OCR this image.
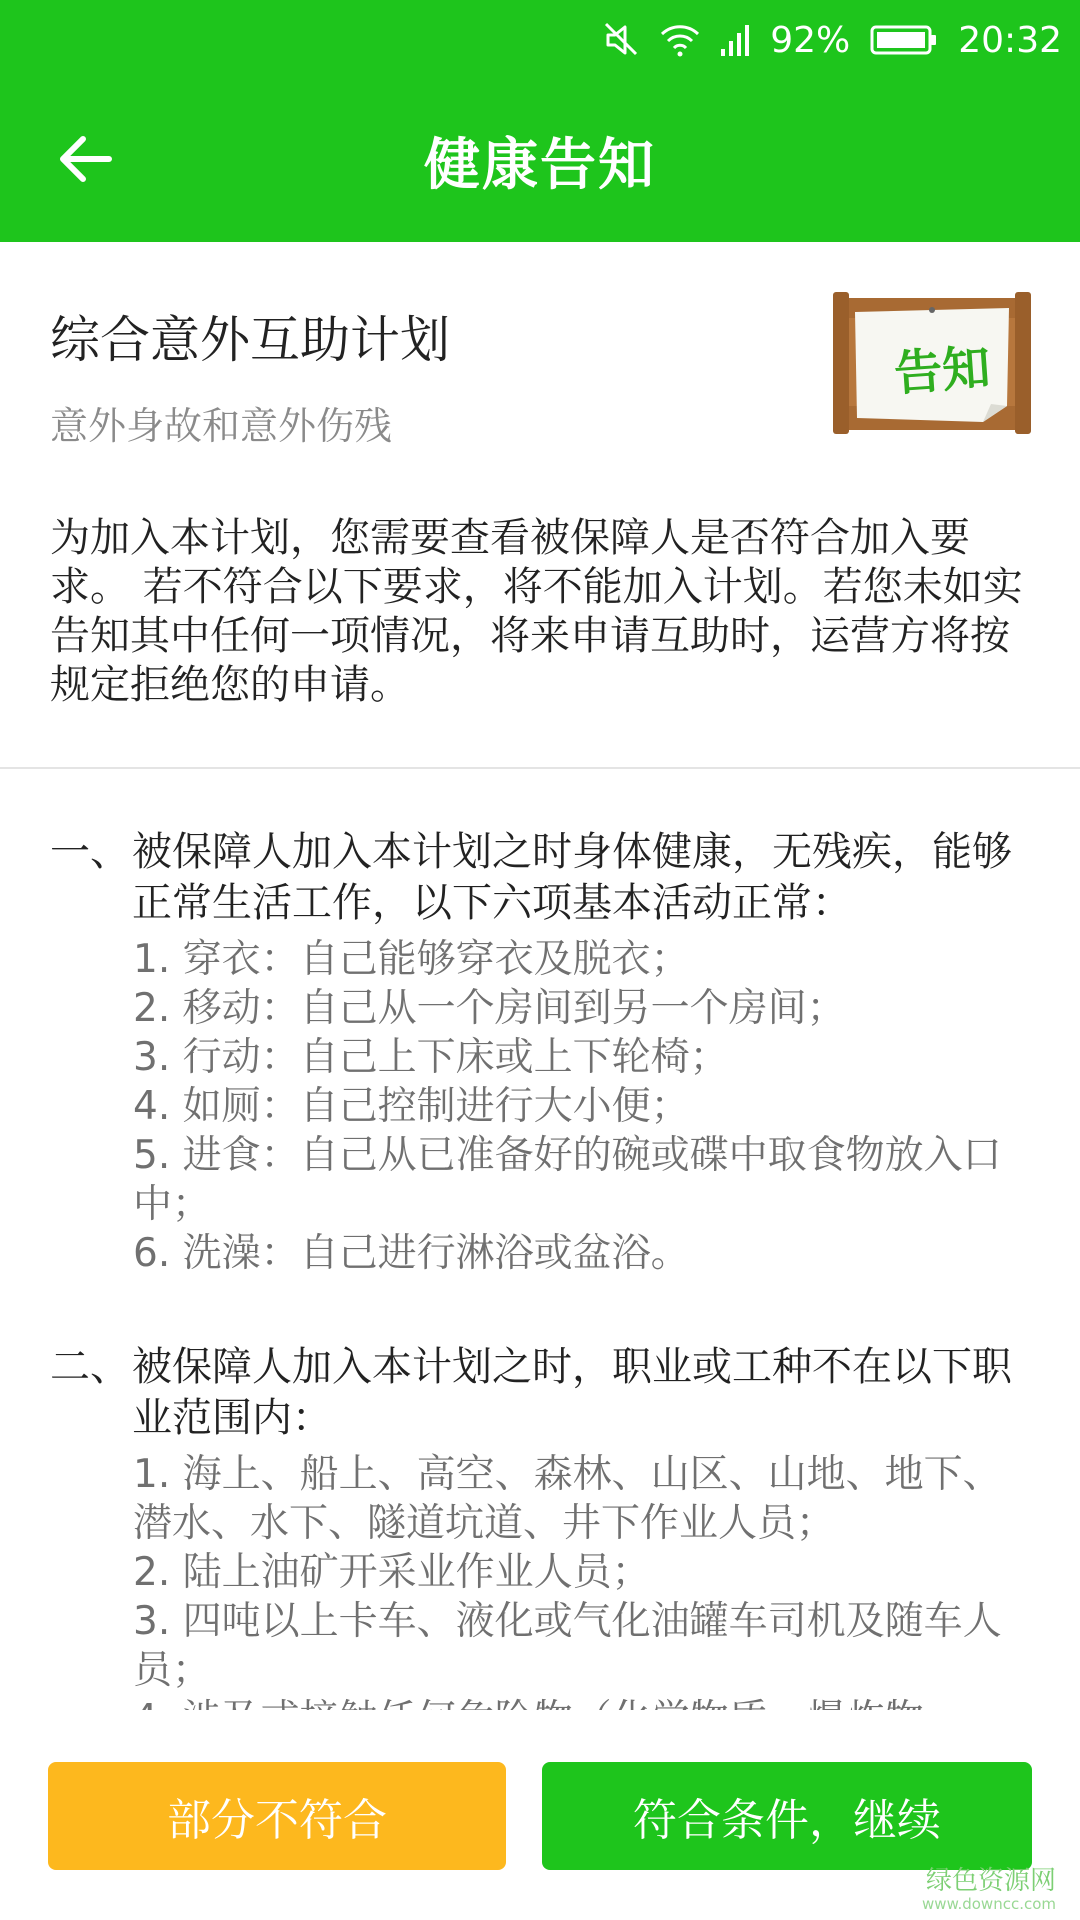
92%	20:32
健康告知
综合意外互助计划
意外身故和意外伤残
告知
为加入本计划，您需要查看被保障人是否符合加入要求。 若不符合以下要求，将不能加入计划。若您未如实告知其中任何一项情况，将来申请互助时，运营方将按规定拒绝您的申请。
一、 被保障人加入本计划之时身体健康，无残疾，能够正常生活工作，以下六项基本活动正常：
1. 穿衣：自己能够穿衣及脱衣；
2. 移动：自己从一个房间到另一个房间；
3. 行动：自己上下床或上下轮椅；
4. 如厕：自己控制进行大小便；
5. 进食：自己从已准备好的碗或碟中取食物放入口中；
6. 洗澡：自己进行淋浴或盆浴。
二、 被保障人加入本计划之时，职业或工种不在以下职业范围内：
1. 海上、船上、高空、森林、山区、山地、地下、潜水、水下、隧道坑道、井下作业人员；
2. 陆上油矿开采业作业人员；
3. 四吨以上卡车、液化或气化油罐车司机及随车人员；
部分不符合	符合条件，继续
绿色资源网
www.downcc.com
